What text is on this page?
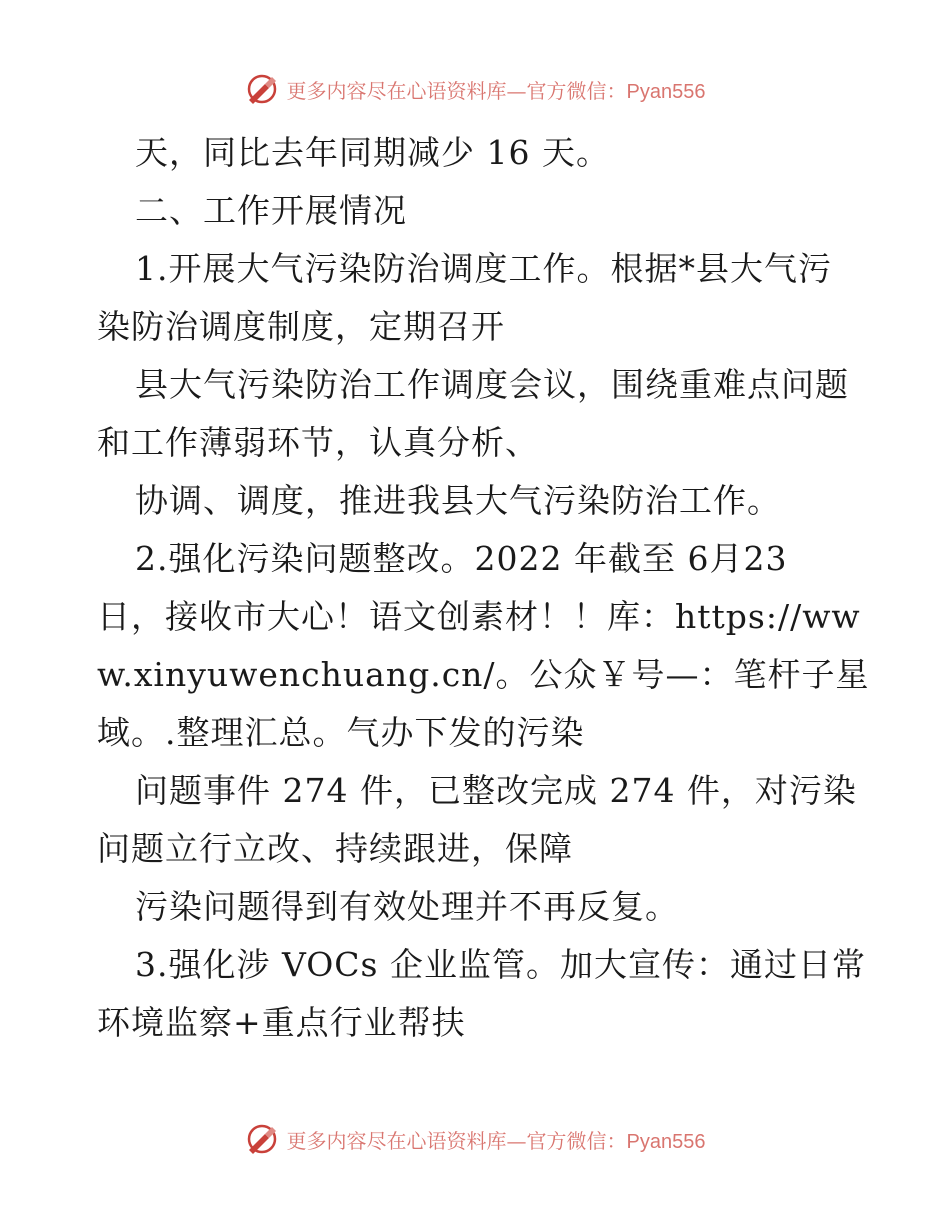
更多内容尽在心语资料库—官方微信：Pyan556
天，同比去年同期减少 16 天。
二、工作开展情况
1.开展大气污染防治调度工作。根据*县大气污
染防治调度制度，定期召开
县大气污染防治工作调度会议，围绕重难点问题
和工作薄弱环节，认真分析、
协调、调度，推进我县大气污染防治工作。
2.强化污染问题整改。2022 年截至 6月23
日，接收市大心！语文创素材！！库：https://ww
w.xinyuwenchuang.cn/。公众￥号—：笔杆子星
域。.整理汇总。气办下发的污染
问题事件 274 件，已整改完成 274 件，对污染
问题立行立改、持续跟进，保障
污染问题得到有效处理并不再反复。
3.强化涉 VOCs 企业监管。加大宣传：通过日常
环境监察+重点行业帮扶
更多内容尽在心语资料库—官方微信：Pyan556
